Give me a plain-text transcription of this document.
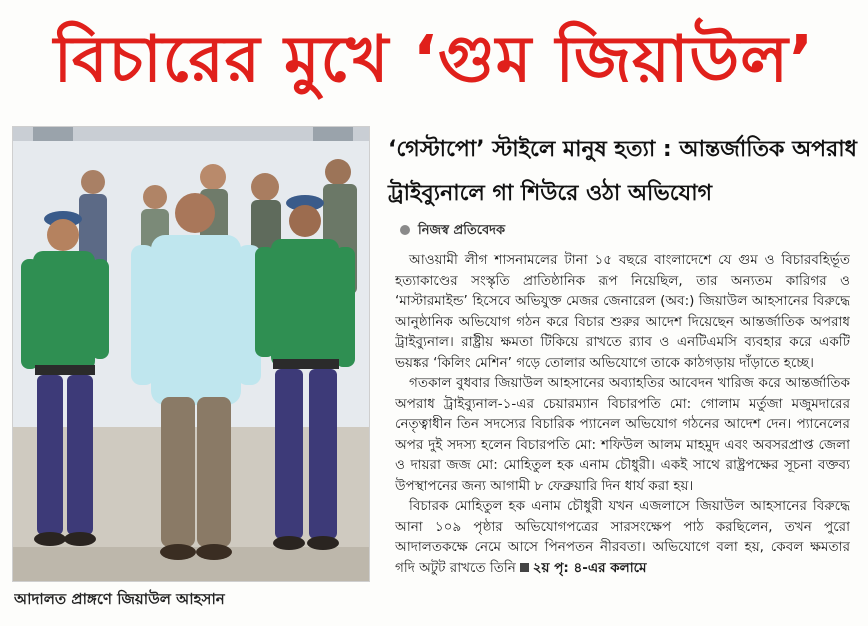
বিচারের মুখে ‘গুম জিয়াউল’
আদালত প্রাঙ্গণে জিয়াউল আহসান
‘গেস্টাপো’ স্টাইলে মানুষ হত্যা : আন্তর্জাতিক অপরাধ ট্রাইব্যুনালে গা শিউরে ওঠা অভিযোগ
নিজস্ব প্রতিবেদক

আওয়ামী লীগ শাসনামলের টানা ১৫ বছরে বাংলাদেশে যে গুম ও বিচারবহির্ভূত হত্যাকাণ্ডের সংস্কৃতি প্রাতিষ্ঠানিক রূপ নিয়েছিল, তার অন্যতম কারিগর ও ‘মাস্টারমাইন্ড’ হিসেবে অভিযুক্ত মেজর জেনারেল (অব:) জিয়াউল আহসানের বিরুদ্ধে আনুষ্ঠানিক অভিযোগ গঠন করে বিচার শুরুর আদেশ দিয়েছেন আন্তর্জাতিক অপরাধ ট্রাইব্যুনাল। রাষ্ট্রীয় ক্ষমতা টিকিয়ে রাখতে র‍্যাব ও এনটিএমসি ব্যবহার করে একটি ভয়ঙ্কর ‘কিলিং মেশিন’ গড়ে তোলার অভিযোগে তাকে কাঠগড়ায় দাঁড়াতে হচ্ছে।

গতকাল বুধবার জিয়াউল আহসানের অব্যাহতির আবেদন খারিজ করে আন্তর্জাতিক অপরাধ ট্রাইব্যুনাল-১-এর চেয়ারম্যান বিচারপতি মো: গোলাম মর্তুজা মজুমদারের নেতৃত্বাধীন তিন সদস্যের বিচারিক প্যানেল অভিযোগ গঠনের আদেশ দেন। প্যানেলের অপর দুই সদস্য হলেন বিচারপতি মো: শফিউল আলম মাহমুদ এবং অবসরপ্রাপ্ত জেলা ও দায়রা জজ মো: মোহিতুল হক এনাম চৌধুরী। একই সাথে রাষ্ট্রপক্ষের সূচনা বক্তব্য উপস্থাপনের জন্য আগামী ৮ ফেব্রুয়ারি দিন ধার্য করা হয়।

বিচারক মোহিতুল হক এনাম চৌধুরী যখন এজলাসে জিয়াউল আহসানের বিরুদ্ধে আনা ১০৯ পৃষ্ঠার অভিযোগপত্রের সারসংক্ষেপ পাঠ করছিলেন, তখন পুরো আদালতকক্ষে নেমে আসে পিনপতন নীরবতা। অভিযোগে বলা হয়, কেবল ক্ষমতার গদি অটুট রাখতে তিনি ২য় পৃ: ৪-এর কলামে
